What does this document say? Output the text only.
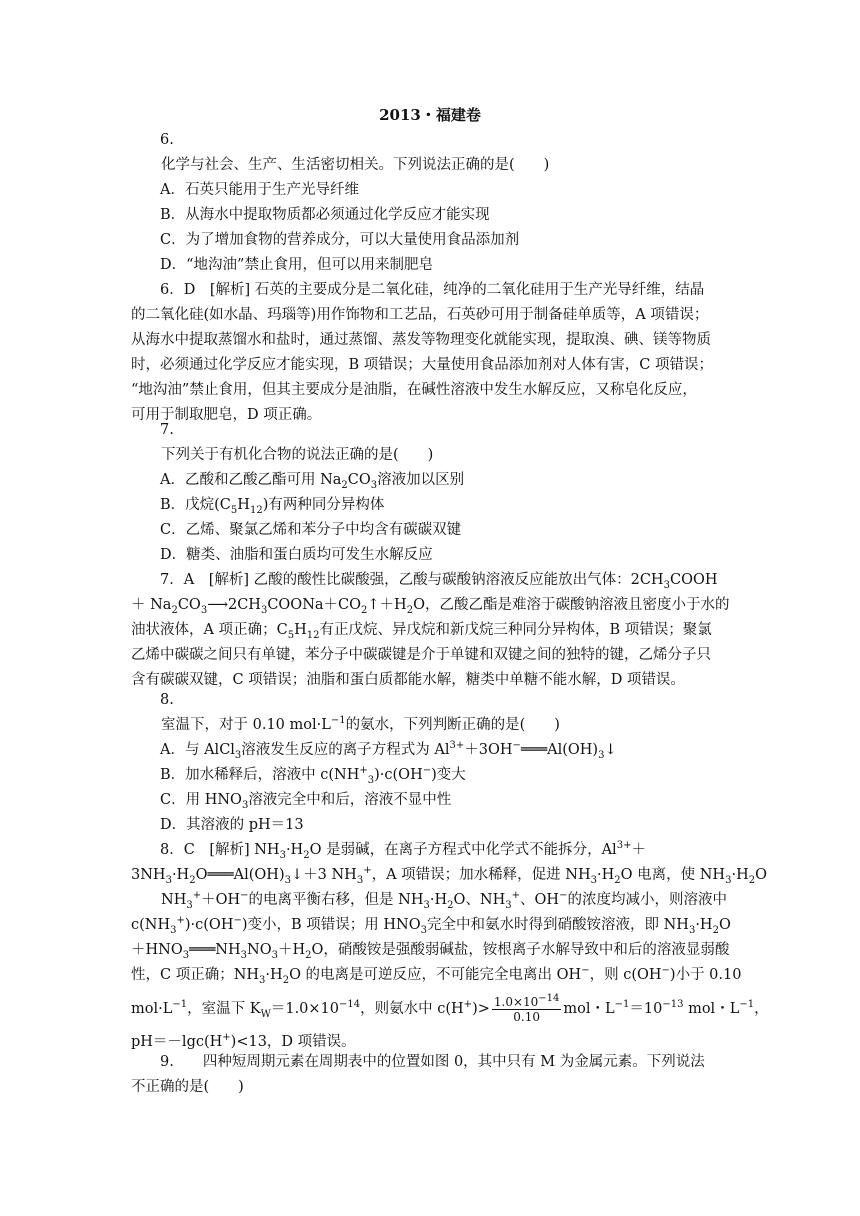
2013・福建卷
6.
化学与社会、生产、生活密切相关。下列说法正确的是(　　)
A．石英只能用于生产光导纤维
B．从海水中提取物质都必须通过化学反应才能实现
C．为了增加食物的营养成分，可以大量使用食品添加剂
D．“地沟油”禁止食用，但可以用来制肥皂
6．D　[解析] 石英的主要成分是二氧化硅，纯净的二氧化硅用于生产光导纤维，结晶
的二氧化硅(如水晶、玛瑙等)用作饰物和工艺品，石英砂可用于制备硅单质等，A 项错误；
从海水中提取蒸馏水和盐时，通过蒸馏、蒸发等物理变化就能实现，提取溴、碘、镁等物质
时，必须通过化学反应才能实现，B 项错误；大量使用食品添加剂对人体有害，C 项错误；
“地沟油”禁止食用，但其主要成分是油脂，在碱性溶液中发生水解反应，又称皂化反应，
可用于制取肥皂，D 项正确。
7.
下列关于有机化合物的说法正确的是(　　)
A．乙酸和乙酸乙酯可用 $Na_2CO_3$溶液加以区别
B．戊烷$(C_5H_{12})$有两种同分异构体
C．乙烯、聚氯乙烯和苯分子中均含有碳碳双键
D．糖类、油脂和蛋白质均可发生水解反应
7．A　[解析] 乙酸的酸性比碳酸强，乙酸与碳酸钠溶液反应能放出气体：$2CH_3COOH$
＋ $Na_2CO_3⟶2CH_3COONa+CO_2↑+H_2O$，乙酸乙酯是难溶于碳酸钠溶液且密度小于水的
油状液体，A 项正确；$C_5H_{12}$有正戊烷、异戊烷和新戊烷三种同分异构体，B 项错误；聚氯
乙烯中碳碳之间只有单键，苯分子中碳碳键是介于单键和双键之间的独特的键，乙烯分子只
含有碳碳双键，C 项错误；油脂和蛋白质都能水解，糖类中单糖不能水解，D 项错误。
8.
室温下，对于 0.10 $mol\cdot L^{-1}$的氨水，下列判断正确的是(　　)
A．与 AlCl$_3$溶液发生反应的离子方程式为 $Al^{3+}+3OH^-═══Al(OH)_3↓$
B．加水稀释后，溶液中 $c(NH^+_3)\cdot c(OH^-)$变大
C．用 $HNO_3$溶液完全中和后，溶液不显中性
D．其溶液的 pH＝13
8．C　[解析] $NH_3\cdot H_2O$ 是弱碱，在离子方程式中化学式不能拆分，$Al^{3+}+$
$3NH_3\cdot H_2O═══Al(OH)_3↓+3$ $NH_3^+$，A 项错误；加水稀释，促进 $NH_3\cdot H_2O$ 电离，使 $NH_3\cdot H_2O$
$NH_3^++OH^-$的电离平衡右移，但是 $NH_3\cdot H_2O$、$NH_3^+$、OH−的浓度均减小，则溶液中
$c(NH_3^+)\cdot c(OH^-)$变小，B 项错误；用 $HNO_3$完全中和氨水时得到硝酸铵溶液，即 $NH_3\cdot H_2O$
$+HNO_3═══NH_3NO_3+H_2O$，硝酸铵是强酸弱碱盐，铵根离子水解导致中和后的溶液显弱酸
性，C 项正确；$NH_3\cdot H_2O$ 的电离是可逆反应，不可能完全电离出 OH−，则 c(OH−)小于 0.10
$mol\cdot L^{-1}$，室温下 $K_W=1.0\times 10^{-14}$，则氨水中 $c(H^+)> \frac{1.0\times 10^{-14}}{0.10}$ mol・$L^{-1}=10^{-13}$ mol・$L^{-1}$，
pH＝－lgc(H+)<13，D 项错误。
9.　　四种短周期元素在周期表中的位置如图 0，其中只有 M 为金属元素。下列说法
不正确的是(　　)
